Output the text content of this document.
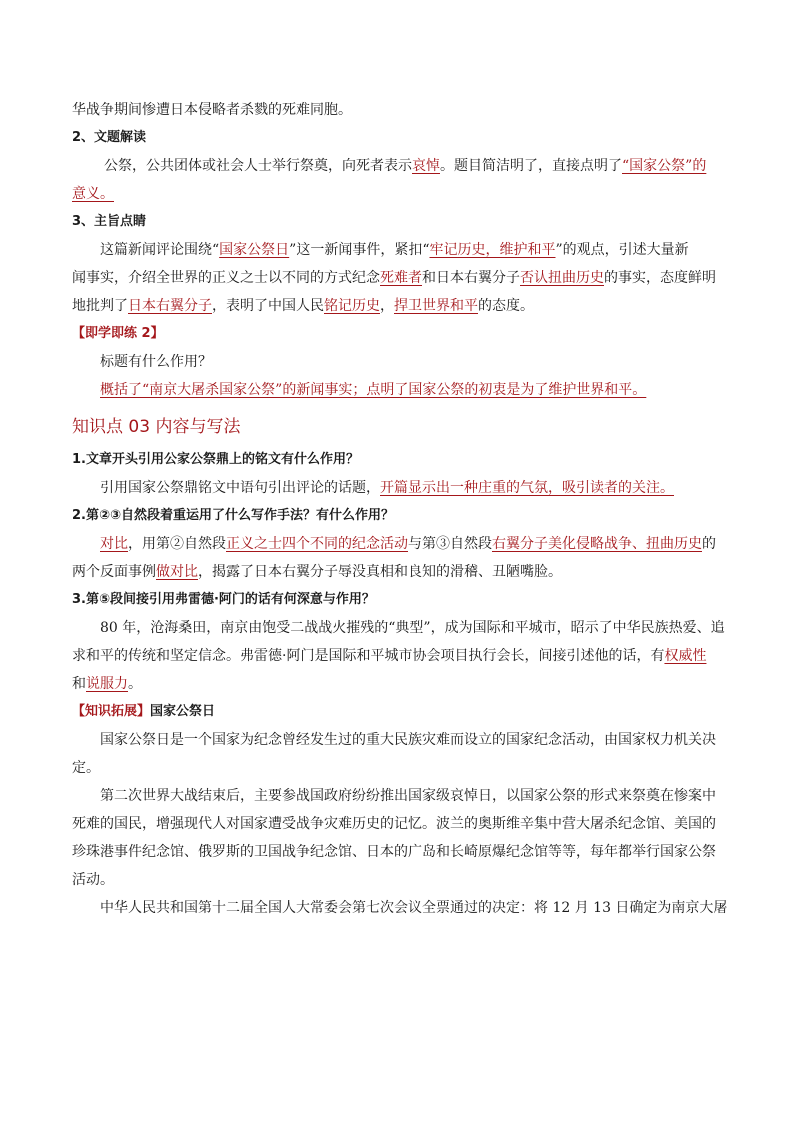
华战争期间惨遭日本侵略者杀戮的死难同胞。
2、文题解读
公祭，公共团体或社会人士举行祭奠，向死者表示哀悼。题目简洁明了，直接点明了“国家公祭”的
意义。
3、主旨点睛
这篇新闻评论围绕“国家公祭日”这一新闻事件，紧扣“牢记历史，维护和平”的观点，引述大量新
闻事实，介绍全世界的正义之士以不同的方式纪念死难者和日本右翼分子否认扭曲历史的事实，态度鲜明
地批判了日本右翼分子，表明了中国人民铭记历史，捍卫世界和平的态度。
【即学即练 2】
标题有什么作用？
概括了“南京大屠杀国家公祭”的新闻事实；点明了国家公祭的初衷是为了维护世界和平。
知识点 03 内容与写法
1.文章开头引用公家公祭鼎上的铭文有什么作用？
引用国家公祭鼎铭文中语句引出评论的话题，开篇显示出一种庄重的气氛，吸引读者的关注。
2.第②③自然段着重运用了什么写作手法？有什么作用？
对比，用第②自然段正义之士四个不同的纪念活动与第③自然段右翼分子美化侵略战争、扭曲历史的
两个反面事例做对比，揭露了日本右翼分子辱没真相和良知的滑稽、丑陋嘴脸。
3.第⑤段间接引用弗雷德·阿门的话有何深意与作用？
80 年，沧海桑田，南京由饱受二战战火摧残的“典型”，成为国际和平城市，昭示了中华民族热爱、追
求和平的传统和坚定信念。弗雷德·阿门是国际和平城市协会项目执行会长，间接引述他的话，有权威性
和说服力。
【知识拓展】国家公祭日
国家公祭日是一个国家为纪念曾经发生过的重大民族灾难而设立的国家纪念活动，由国家权力机关决
定。
第二次世界大战结束后，主要参战国政府纷纷推出国家级哀悼日，以国家公祭的形式来祭奠在惨案中
死难的国民，增强现代人对国家遭受战争灾难历史的记忆。波兰的奥斯维辛集中营大屠杀纪念馆、美国的
珍珠港事件纪念馆、俄罗斯的卫国战争纪念馆、日本的广岛和长崎原爆纪念馆等等，每年都举行国家公祭
活动。
中华人民共和国第十二届全国人大常委会第七次会议全票通过的决定：将 12 月 13 日确定为南京大屠
